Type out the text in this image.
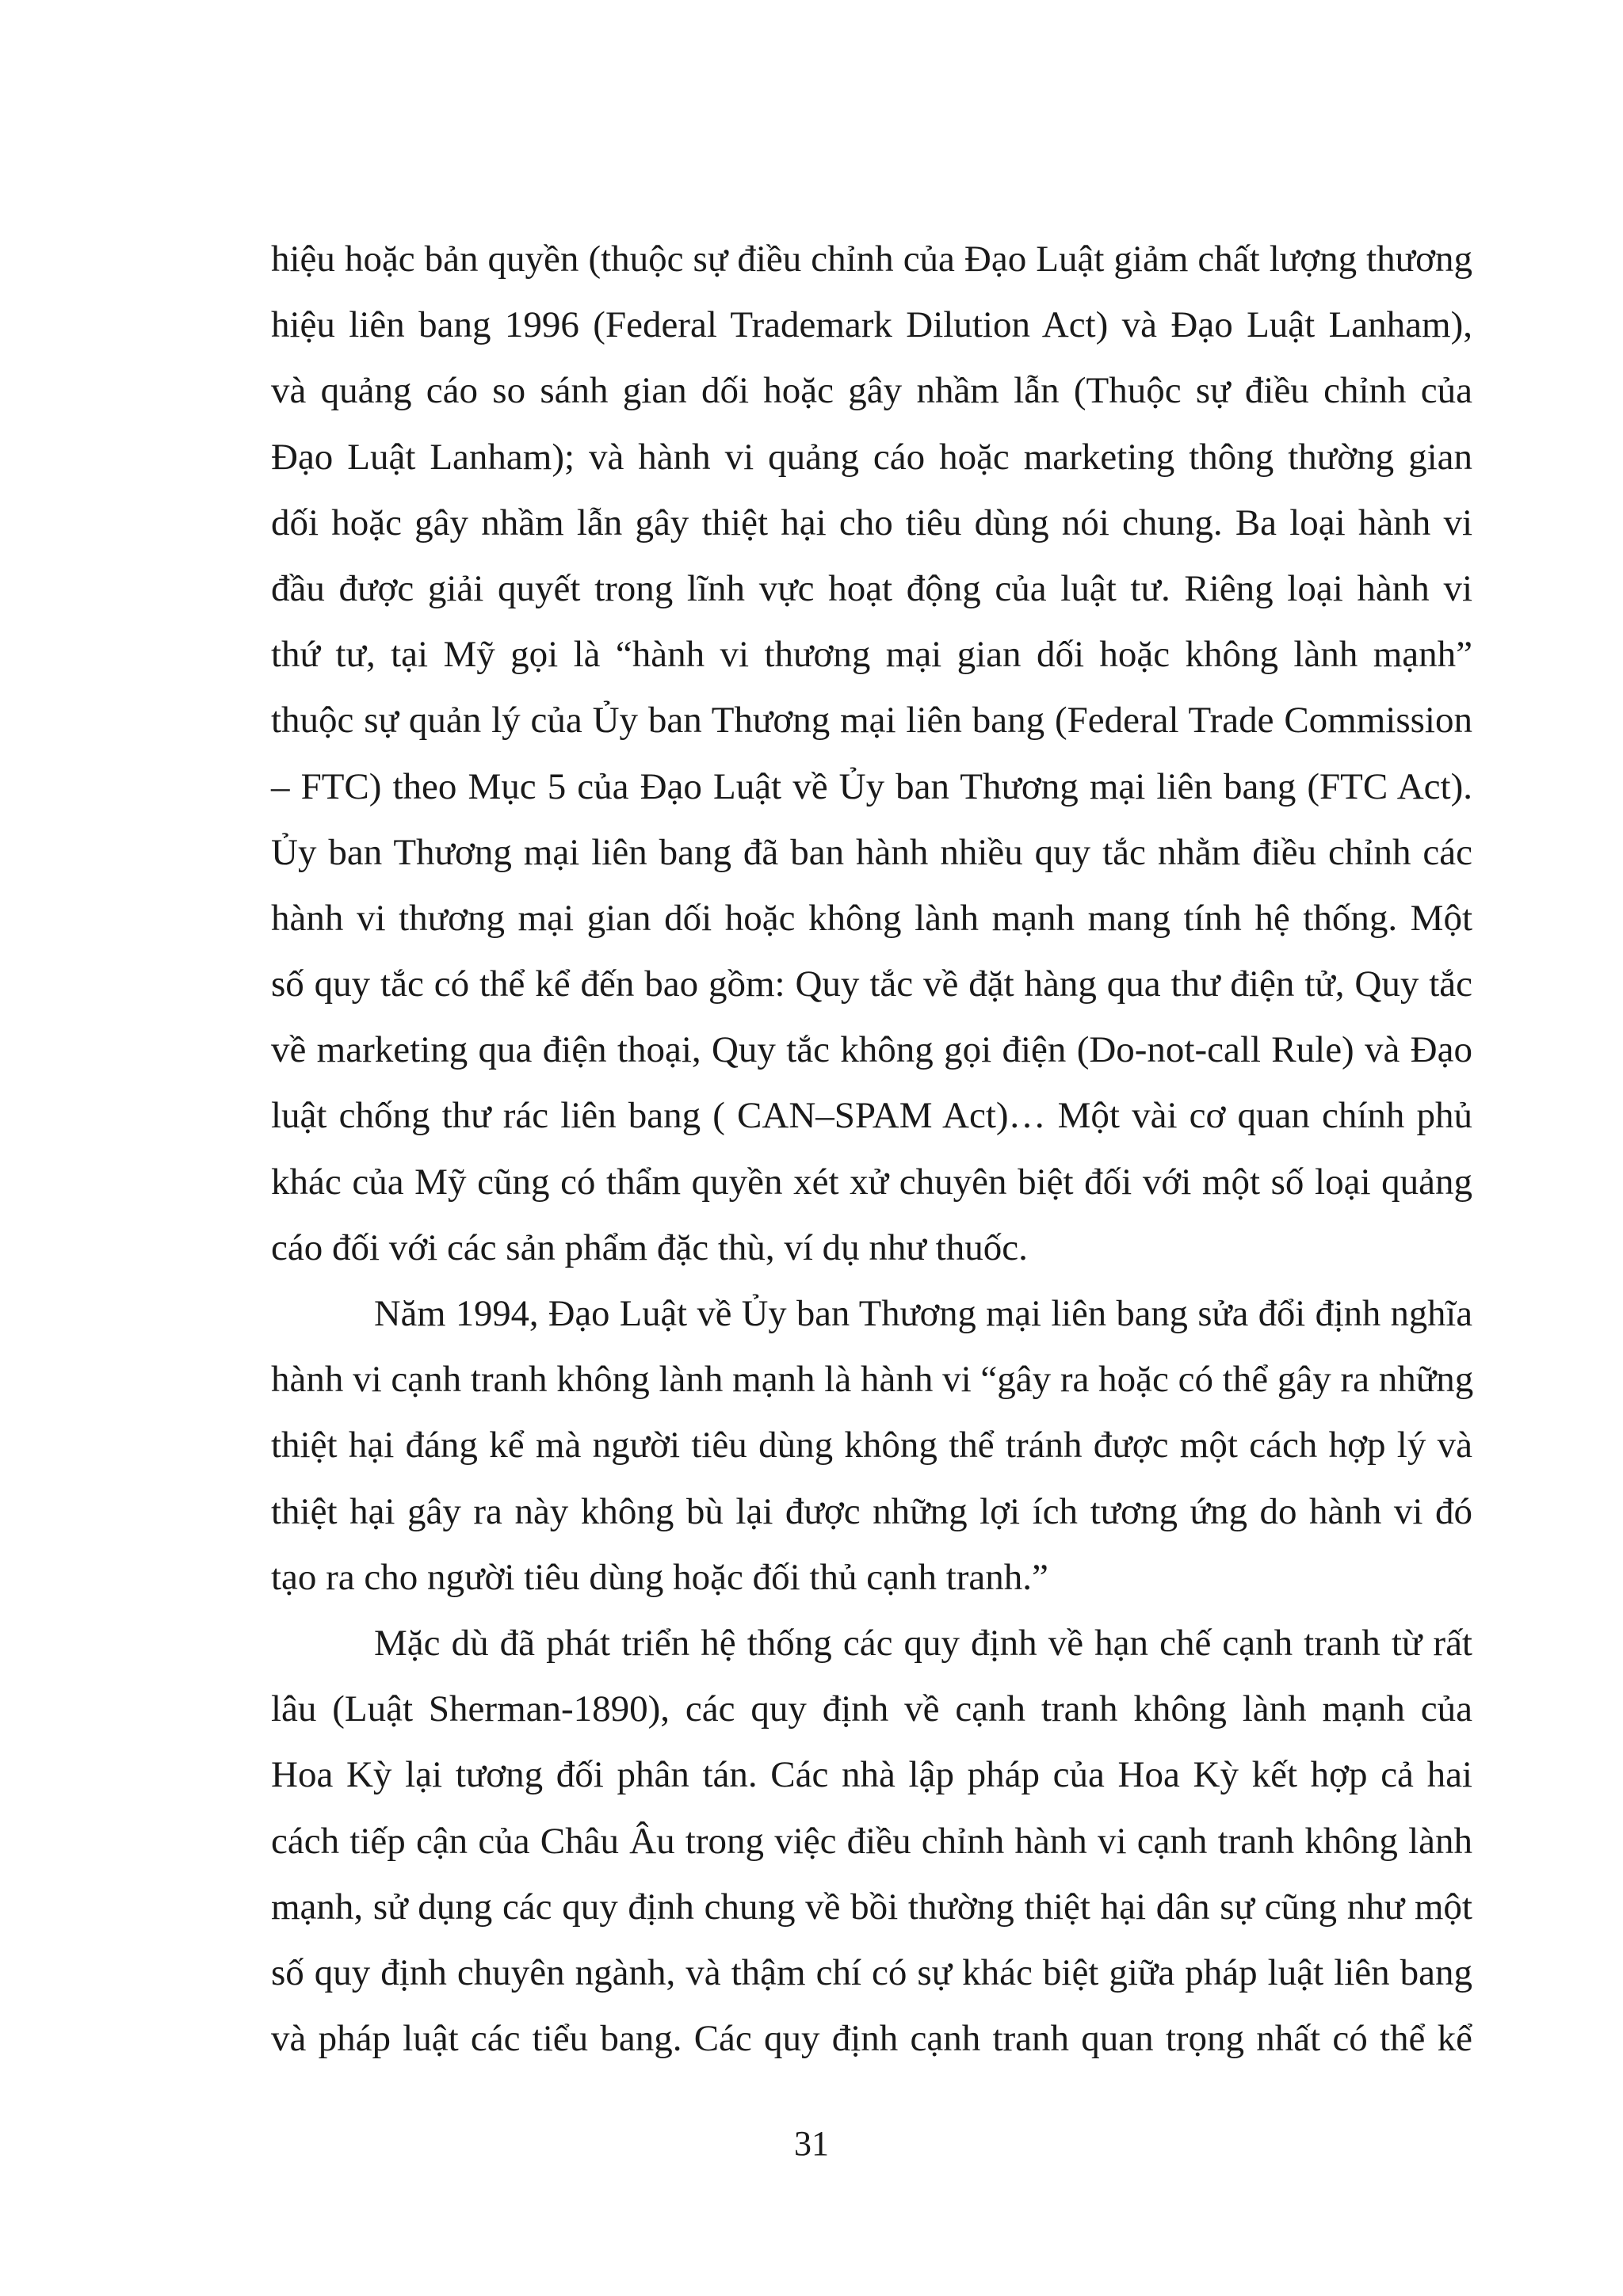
hiệu hoặc bản quyền (thuộc sự điều chỉnh của Đạo Luật giảm chất lượng thương
hiệu liên bang 1996 (Federal Trademark Dilution Act) và Đạo Luật Lanham),
và quảng cáo so sánh gian dối hoặc gây nhầm lẫn (Thuộc sự điều chỉnh của
Đạo Luật Lanham); và hành vi quảng cáo hoặc marketing thông thường gian
dối hoặc gây nhầm lẫn gây thiệt hại cho tiêu dùng nói chung. Ba loại hành vi
đầu được giải quyết trong lĩnh vực hoạt động của luật tư. Riêng loại hành vi
thứ tư, tại Mỹ gọi là “hành vi thương mại gian dối hoặc không lành mạnh”
thuộc sự quản lý của Ủy ban Thương mại liên bang (Federal Trade Commission
– FTC) theo Mục 5 của Đạo Luật về Ủy ban Thương mại liên bang (FTC Act).
Ủy ban Thương mại liên bang đã ban hành nhiều quy tắc nhằm điều chỉnh các
hành vi thương mại gian dối hoặc không lành mạnh mang tính hệ thống. Một
số quy tắc có thể kể đến bao gồm: Quy tắc về đặt hàng qua thư điện tử, Quy tắc
về marketing qua điện thoại, Quy tắc không gọi điện (Do-not-call Rule) và Đạo
luật chống thư rác liên bang ( CAN–SPAM Act)… Một vài cơ quan chính phủ
khác của Mỹ cũng có thẩm quyền xét xử chuyên biệt đối với một số loại quảng
cáo đối với các sản phẩm đặc thù, ví dụ như thuốc.
Năm 1994, Đạo Luật về Ủy ban Thương mại liên bang sửa đổi định nghĩa
hành vi cạnh tranh không lành mạnh là hành vi “gây ra hoặc có thể gây ra những
thiệt hại đáng kể mà người tiêu dùng không thể tránh được một cách hợp lý và
thiệt hại gây ra này không bù lại được những lợi ích tương ứng do hành vi đó
tạo ra cho người tiêu dùng hoặc đối thủ cạnh tranh.”
Mặc dù đã phát triển hệ thống các quy định về hạn chế cạnh tranh từ rất
lâu (Luật Sherman-1890), các quy định về cạnh tranh không lành mạnh của
Hoa Kỳ lại tương đối phân tán. Các nhà lập pháp của Hoa Kỳ kết hợp cả hai
cách tiếp cận của Châu Âu trong việc điều chỉnh hành vi cạnh tranh không lành
mạnh, sử dụng các quy định chung về bồi thường thiệt hại dân sự cũng như một
số quy định chuyên ngành, và thậm chí có sự khác biệt giữa pháp luật liên bang
và pháp luật các tiểu bang. Các quy định cạnh tranh quan trọng nhất có thể kể
31
